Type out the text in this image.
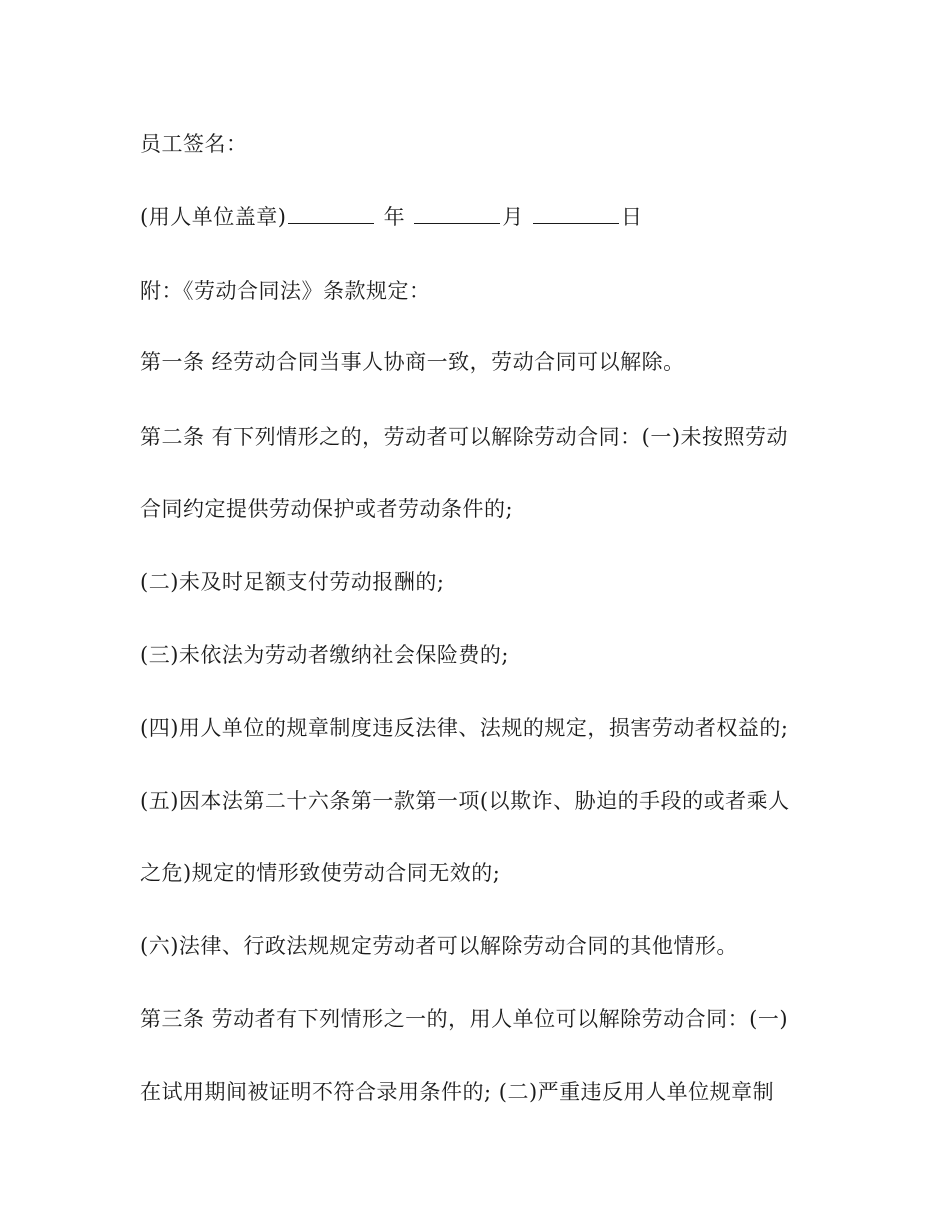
员工签名：
(用人单位盖章)	年	月	日
附：《劳动合同法》条款规定：
第一条 经劳动合同当事人协商一致，劳动合同可以解除。
第二条 有下列情形之的，劳动者可以解除劳动合同：(一)未按照劳动
合同约定提供劳动保护或者劳动条件的;
(二)未及时足额支付劳动报酬的;
(三)未依法为劳动者缴纳社会保险费的;
(四)用人单位的规章制度违反法律、法规的规定，损害劳动者权益的;
(五)因本法第二十六条第一款第一项(以欺诈、胁迫的手段的或者乘人
之危)规定的情形致使劳动合同无效的;
(六)法律、行政法规规定劳动者可以解除劳动合同的其他情形。
第三条 劳动者有下列情形之一的，用人单位可以解除劳动合同：(一)
在试用期间被证明不符合录用条件的; (二)严重违反用人单位规章制
